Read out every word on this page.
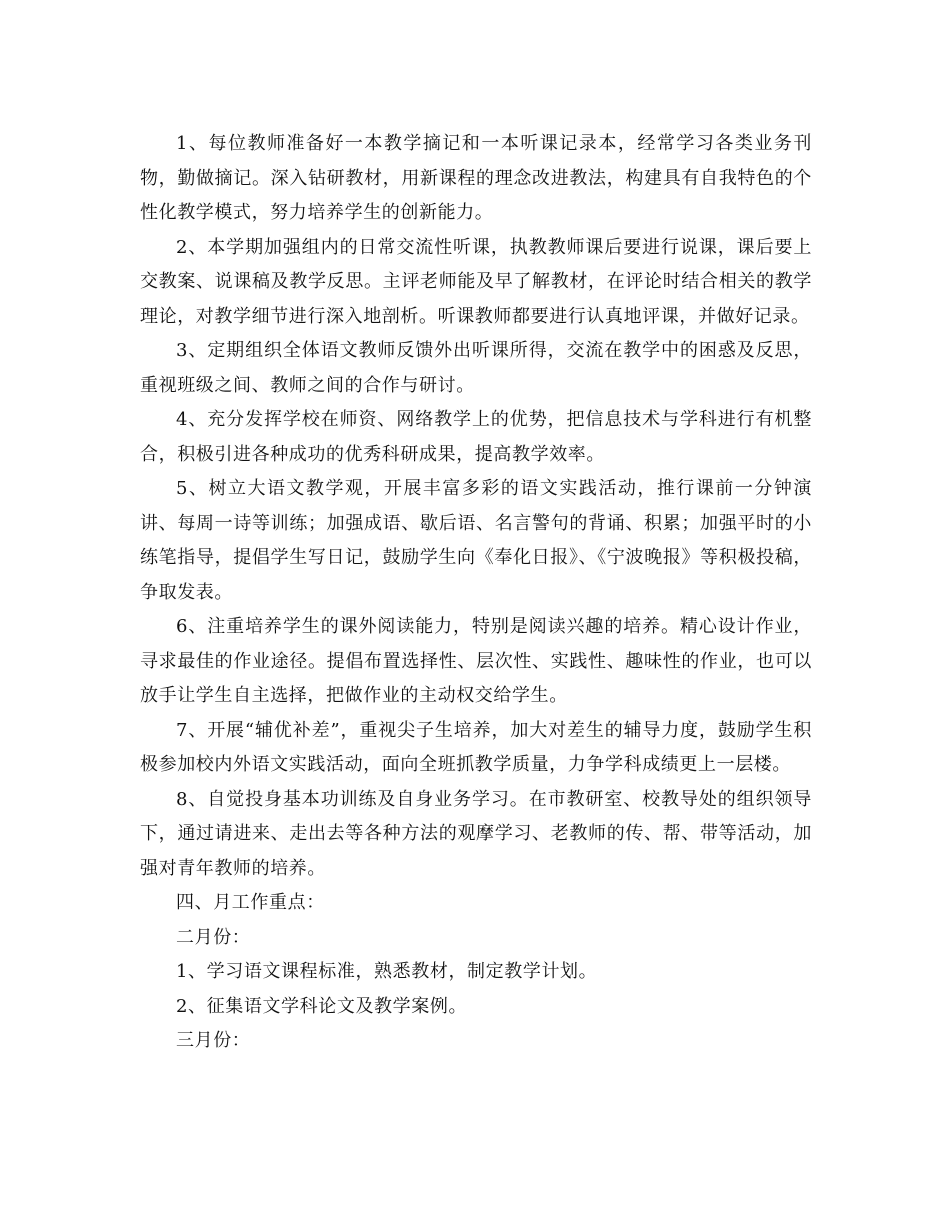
1、每位教师准备好一本教学摘记和一本听课记录本，经常学习各类业务刊物，勤做摘记。深入钻研教材，用新课程的理念改进教法，构建具有自我特色的个性化教学模式，努力培养学生的创新能力。

2、本学期加强组内的日常交流性听课，执教教师课后要进行说课，课后要上交教案、说课稿及教学反思。主评老师能及早了解教材，在评论时结合相关的教学理论，对教学细节进行深入地剖析。听课教师都要进行认真地评课，并做好记录。

3、定期组织全体语文教师反馈外出听课所得，交流在教学中的困惑及反思，重视班级之间、教师之间的合作与研讨。

4、充分发挥学校在师资、网络教学上的优势，把信息技术与学科进行有机整合，积极引进各种成功的优秀科研成果，提高教学效率。

5、树立大语文教学观，开展丰富多彩的语文实践活动，推行课前一分钟演讲、每周一诗等训练；加强成语、歇后语、名言警句的背诵、积累；加强平时的小练笔指导，提倡学生写日记，鼓励学生向《奉化日报》、《宁波晚报》等积极投稿，争取发表。

6、注重培养学生的课外阅读能力，特别是阅读兴趣的培养。精心设计作业，寻求最佳的作业途径。提倡布置选择性、层次性、实践性、趣味性的作业，也可以放手让学生自主选择，把做作业的主动权交给学生。

7、开展“辅优补差”，重视尖子生培养，加大对差生的辅导力度，鼓励学生积极参加校内外语文实践活动，面向全班抓教学质量，力争学科成绩更上一层楼。

8、自觉投身基本功训练及自身业务学习。在市教研室、校教导处的组织领导下，通过请进来、走出去等各种方法的观摩学习、老教师的传、帮、带等活动，加强对青年教师的培养。

四、月工作重点：

二月份：

1、学习语文课程标准，熟悉教材，制定教学计划。

2、征集语文学科论文及教学案例。

三月份：
